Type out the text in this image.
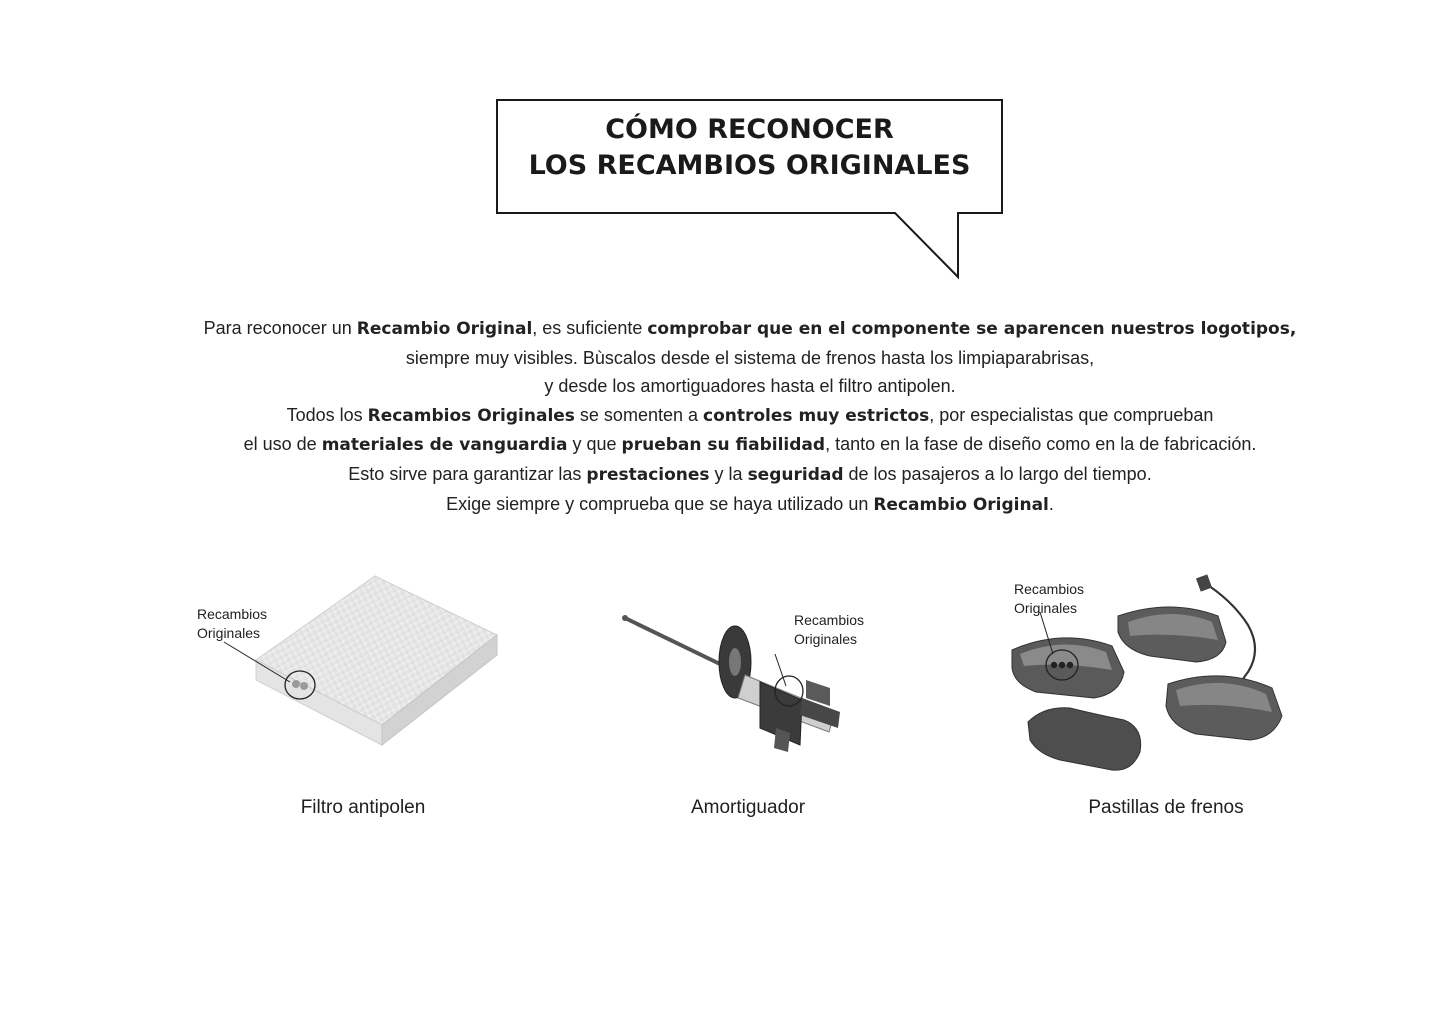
CÓMO RECONOCER
LOS RECAMBIOS ORIGINALES
Para reconocer un Recambio Original, es suficiente comprobar que en el componente se aparencen nuestros logotipos,
siempre muy visibles. Bùscalos desde el sistema de frenos hasta los limpiaparabrisas,
y desde los amortiguadores hasta el filtro antipolen.
Todos los Recambios Originales se somenten a controles muy estrictos, por especialistas que comprueban
el uso de materiales de vanguardia y que prueban su fiabilidad, tanto en la fase de diseño como en la de fabricación.
Esto sirve para garantizar las prestaciones y la seguridad de los pasajeros a lo largo del tiempo.
Exige siempre y comprueba que se haya utilizado un Recambio Original.
Recambios
Originales
Filtro antipolen
Recambios
Originales
Amortiguador
Recambios
Originales
Pastillas de frenos
